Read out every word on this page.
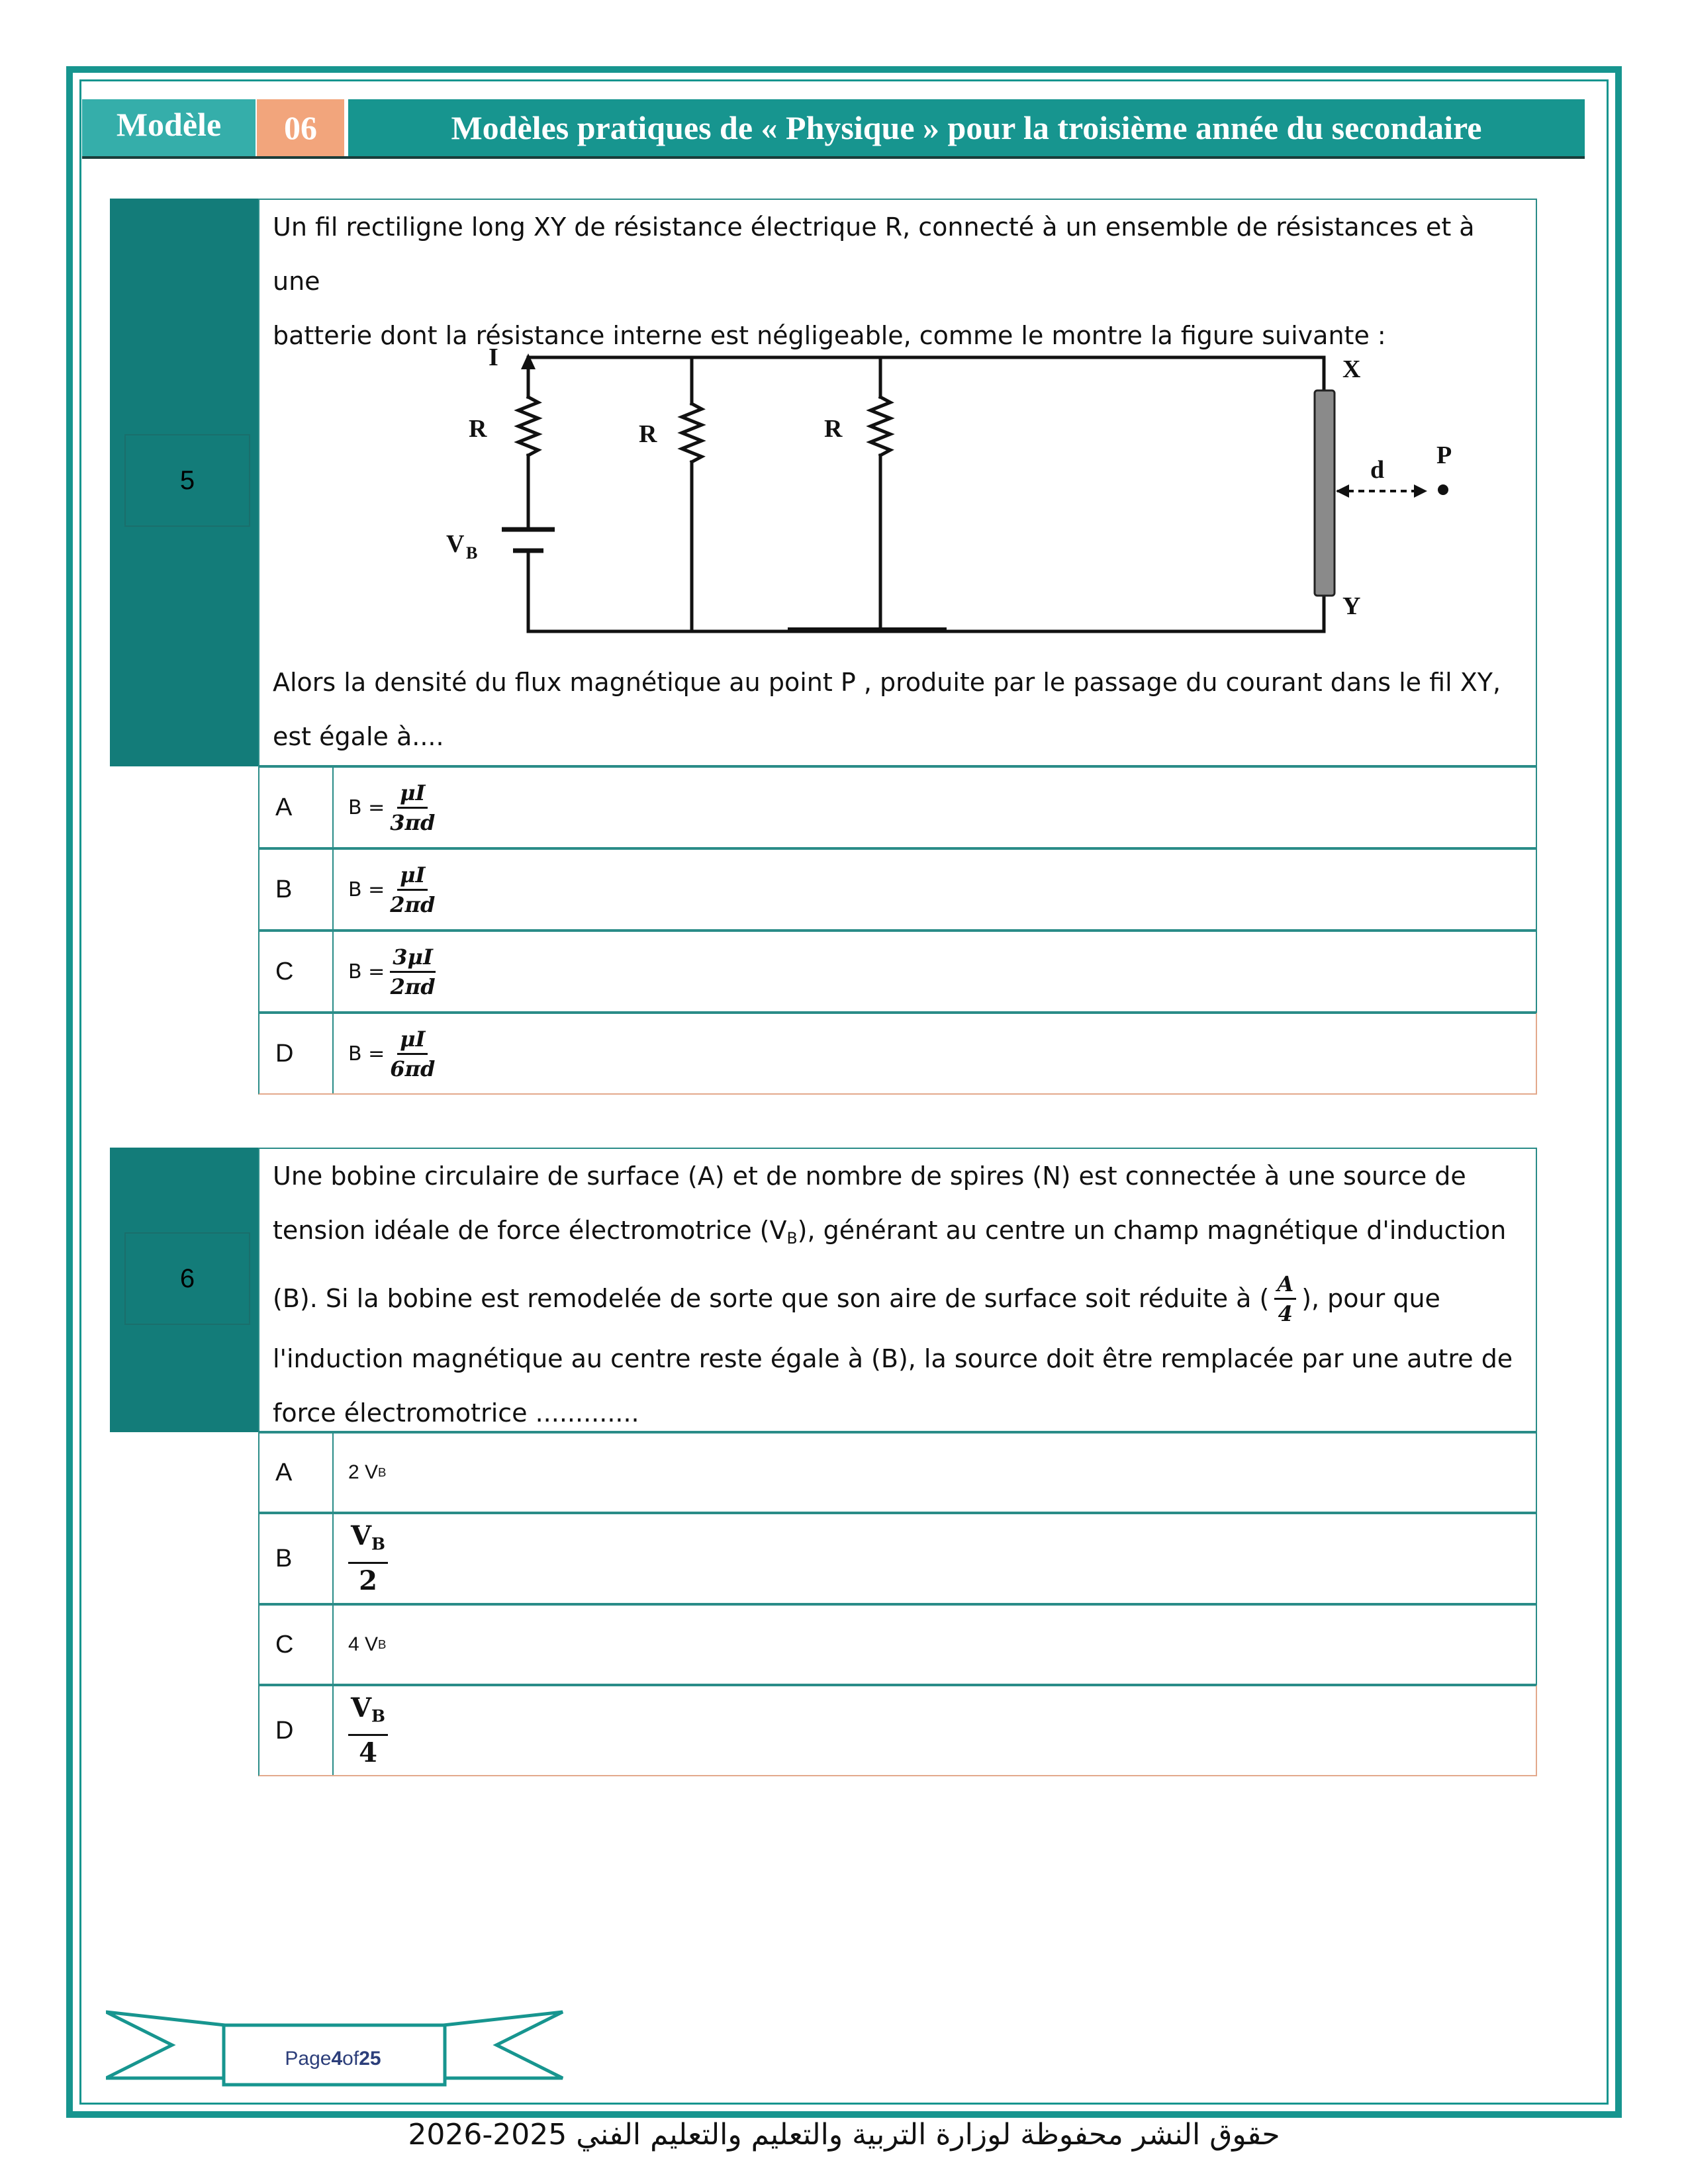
Modèle	06	Modèles pratiques de « Physique » pour la troisième année du secondaire
5
Un fil rectiligne long XY de résistance électrique R, connecté à un ensemble de résistances et à une
batterie dont la résistance interne est négligeable, comme le montre la figure suivante :
I
R	R	R
V B
X
Y
d
P
Alors la densité du flux magnétique au point P , produite par le passage du courant dans le fil XY,
est égale à....
A	$B = \frac{\mu I}{3\pi d}$
B	$B = \frac{\mu I}{2\pi d}$
C	$B = \frac{3\mu I}{2\pi d}$
D	$B = \frac{\mu I}{6\pi d}$
6
Une bobine circulaire de surface (A) et de nombre de spires (N) est connectée à une source de
tension idéale de force électromotrice $(V_B)$, générant au centre un champ magnétique d'induction
(B). Si la bobine est remodelée de sorte que son aire de surface soit réduite à ( $\frac{A}{4}$ ), pour que
l'induction magnétique au centre reste égale à (B), la source doit être remplacée par une autre de
force électromotrice .............
A	2 V B
B	$\frac{V_B}{2}$
C	4 V B
D	$\frac{V_B}{4}$
Page 4 of 25
حقوق النشر محفوظة لوزارة التربية والتعليم والتعليم الفني 2025-2026
